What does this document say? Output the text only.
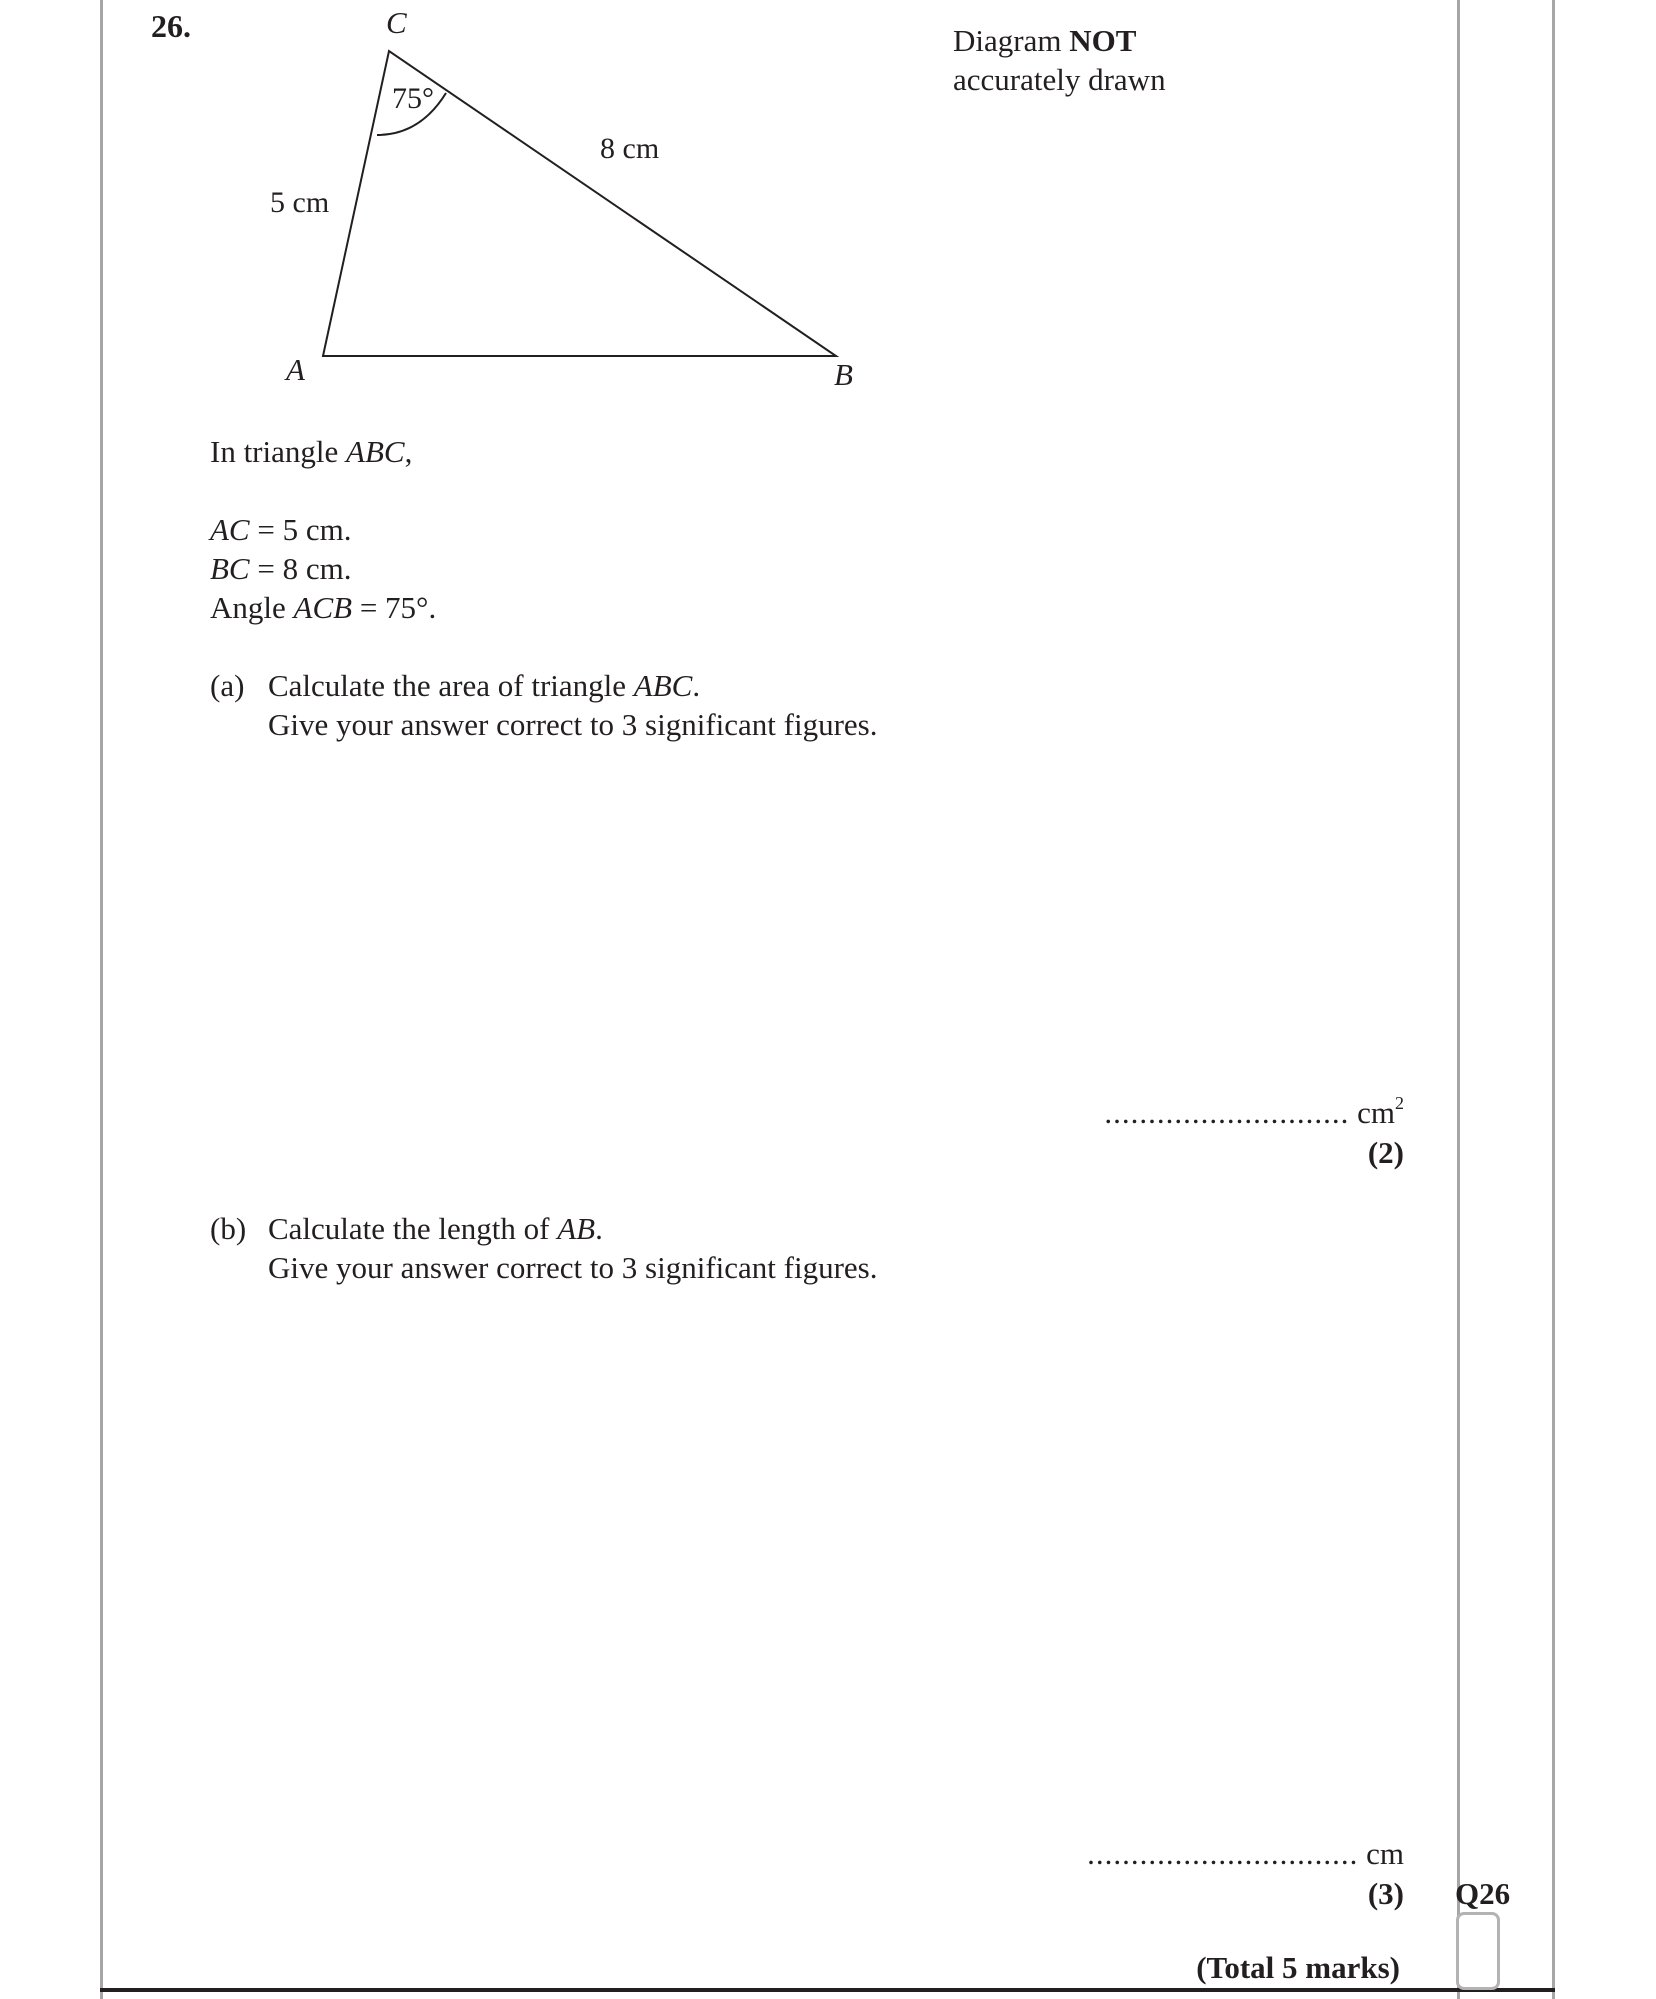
26.	Diagram NOT
accurately drawn
C
A	B
75°
8 cm
5 cm
In triangle ABC,
AC = 5 cm.
BC = 8 cm.
Angle ACB = 75°.
(a) Calculate the area of triangle ABC.
Give your answer correct to 3 significant figures.
............................ $cm^2$
(2)
(b) Calculate the length of AB.
Give your answer correct to 3 significant figures.
............................... cm
(3) Q26
(Total 5 marks)
